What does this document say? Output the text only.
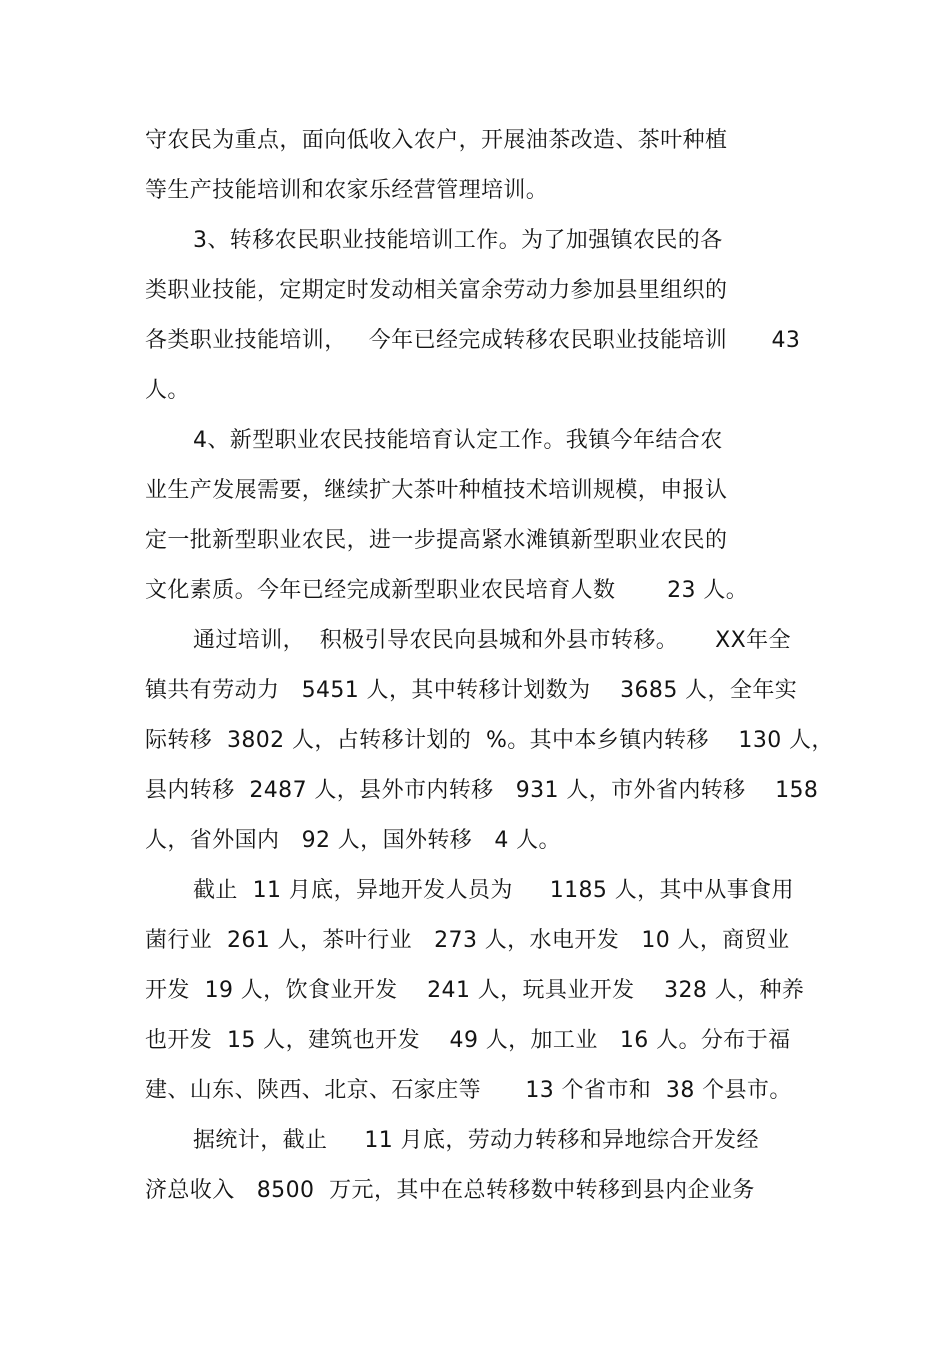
守农民为重点，面向低收入农户，开展油茶改造、茶叶种植
等生产技能培训和农家乐经营管理培训。
3、转移农民职业技能培训工作。为了加强镇农民的各
类职业技能，定期定时发动相关富余劳动力参加县里组织的
各类职业技能培训，   今年已经完成转移农民职业技能培训      43
人。
4、新型职业农民技能培育认定工作。我镇今年结合农
业生产发展需要，继续扩大茶叶种植技术培训规模，申报认
定一批新型职业农民，进一步提高紧水滩镇新型职业农民的
文化素质。今年已经完成新型职业农民培育人数       23 人。
通过培训，  积极引导农民向县城和外县市转移。     XX年全
镇共有劳动力   5451 人，其中转移计划数为    3685 人，全年实
际转移  3802 人，占转移计划的  %。其中本乡镇内转移    130 人，
县内转移  2487 人，县外市内转移   931 人，市外省内转移    158
人，省外国内   92 人，国外转移   4 人。
截止  11 月底，异地开发人员为     1185 人，其中从事食用
菌行业  261 人，茶叶行业   273 人，水电开发   10 人，商贸业
开发  19 人，饮食业开发    241 人，玩具业开发    328 人，种养
也开发  15 人，建筑也开发    49 人，加工业   16 人。分布于福
建、山东、陕西、北京、石家庄等      13 个省市和  38 个县市。
据统计，截止     11 月底，劳动力转移和异地综合开发经
济总收入   8500  万元，其中在总转移数中转移到县内企业务
